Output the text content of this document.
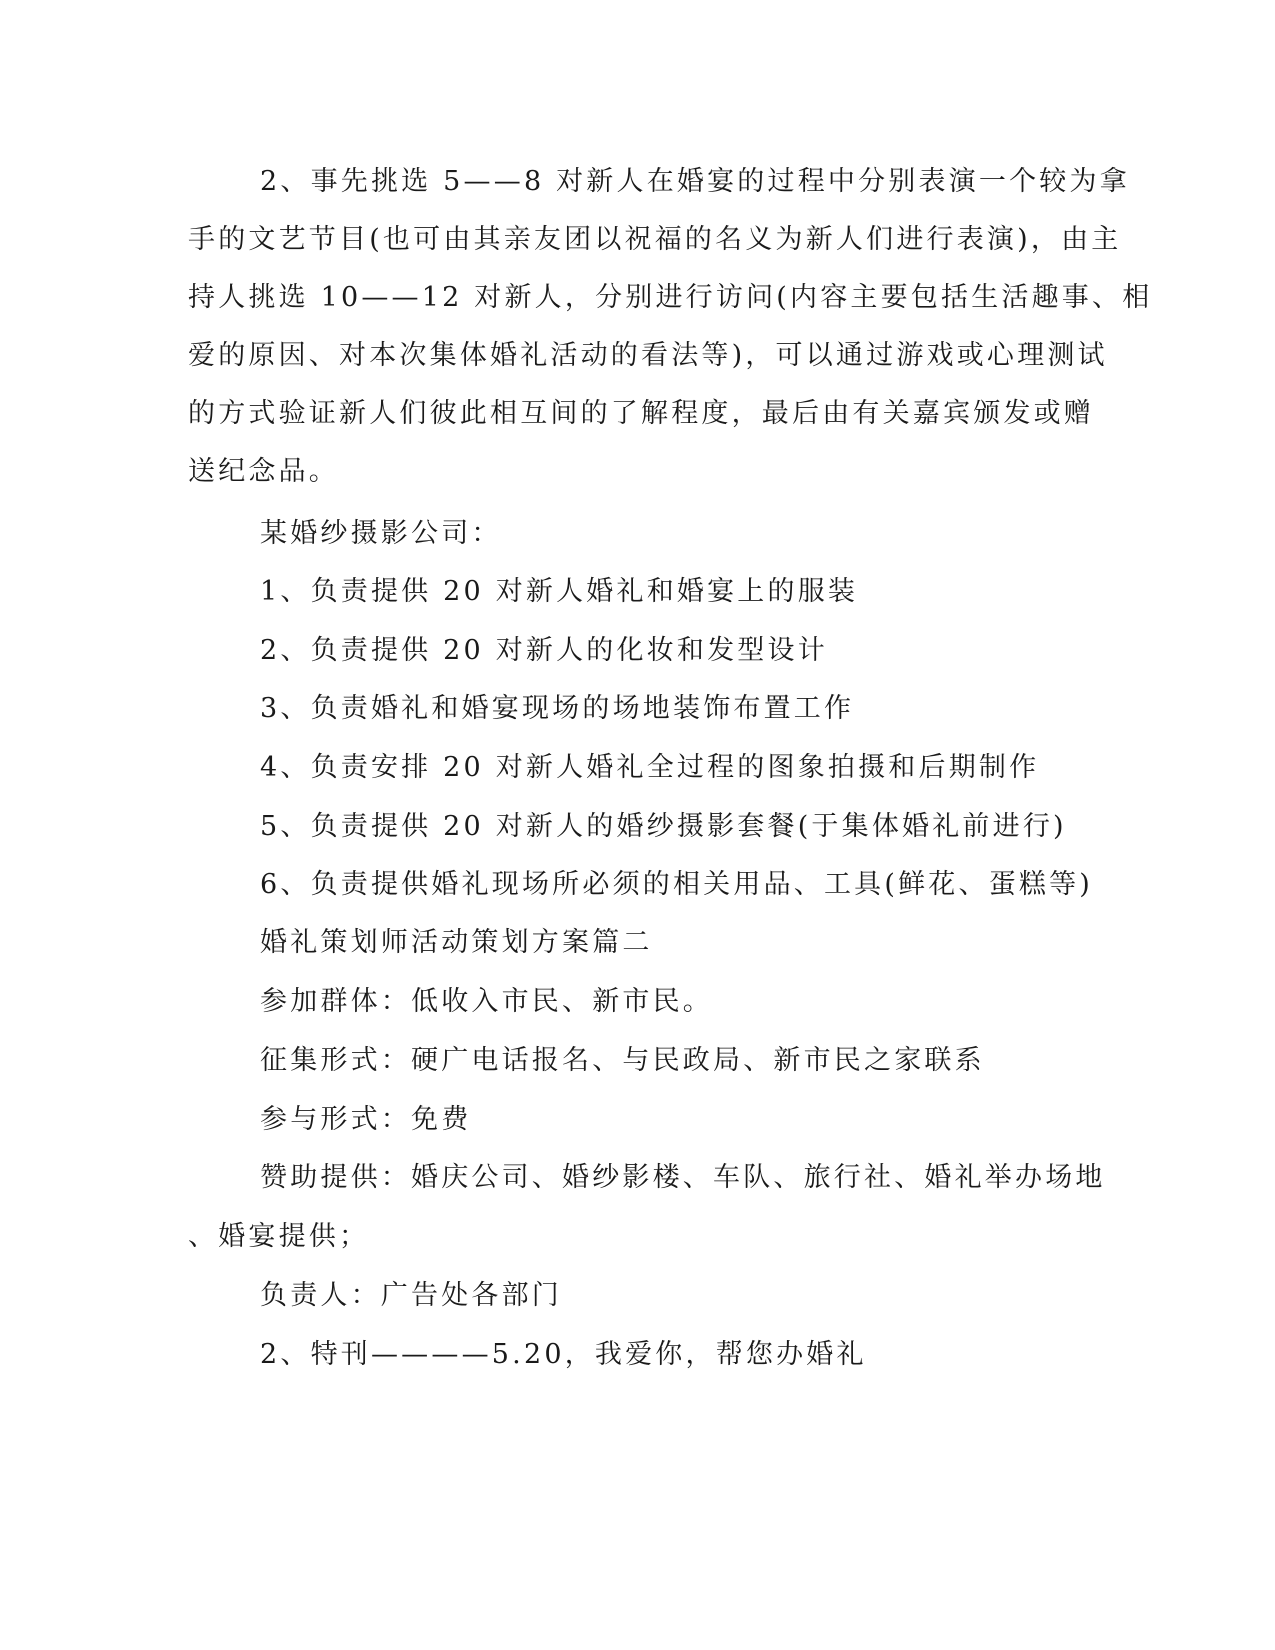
2、事先挑选 5——8 对新人在婚宴的过程中分别表演一个较为拿
手的文艺节目(也可由其亲友团以祝福的名义为新人们进行表演)，由主
持人挑选 10——12 对新人，分别进行访问(内容主要包括生活趣事、相
爱的原因、对本次集体婚礼活动的看法等)，可以通过游戏或心理测试
的方式验证新人们彼此相互间的了解程度，最后由有关嘉宾颁发或赠
送纪念品。
某婚纱摄影公司：
1、负责提供 20 对新人婚礼和婚宴上的服装
2、负责提供 20 对新人的化妆和发型设计
3、负责婚礼和婚宴现场的场地装饰布置工作
4、负责安排 20 对新人婚礼全过程的图象拍摄和后期制作
5、负责提供 20 对新人的婚纱摄影套餐(于集体婚礼前进行)
6、负责提供婚礼现场所必须的相关用品、工具(鲜花、蛋糕等)
婚礼策划师活动策划方案篇二
参加群体：低收入市民、新市民。
征集形式：硬广电话报名、与民政局、新市民之家联系
参与形式：免费
赞助提供：婚庆公司、婚纱影楼、车队、旅行社、婚礼举办场地
、婚宴提供；
负责人：广告处各部门
2、特刊————5.20，我爱你，帮您办婚礼
